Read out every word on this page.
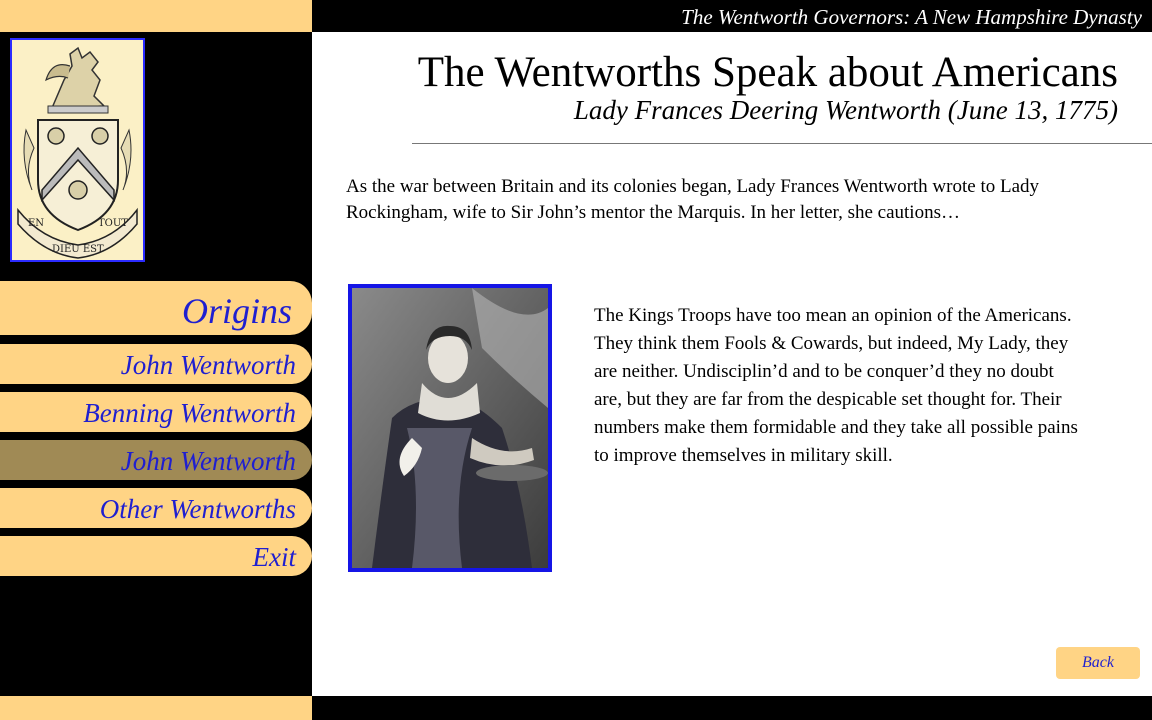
The Wentworth Governors: A New Hampshire Dynasty
EN	TOUT
DIEU EST
Origins
John Wentworth
Benning Wentworth
John Wentworth
Other Wentworths
Exit
The Wentworths Speak about Americans
Lady Frances Deering Wentworth (June 13, 1775)
As the war between Britain and its colonies began, Lady Frances Wentworth wrote to Lady Rockingham, wife to Sir John’s mentor the Marquis. In her letter, she cautions…
The Kings Troops have too mean an opinion of the Americans. They think them Fools & Cowards, but indeed, My Lady, they are neither. Undisciplin’d and to be conquer’d they no doubt are, but they are far from the despicable set thought for. Their numbers make them formidable and they take all possible pains to improve themselves in military skill.
Back
